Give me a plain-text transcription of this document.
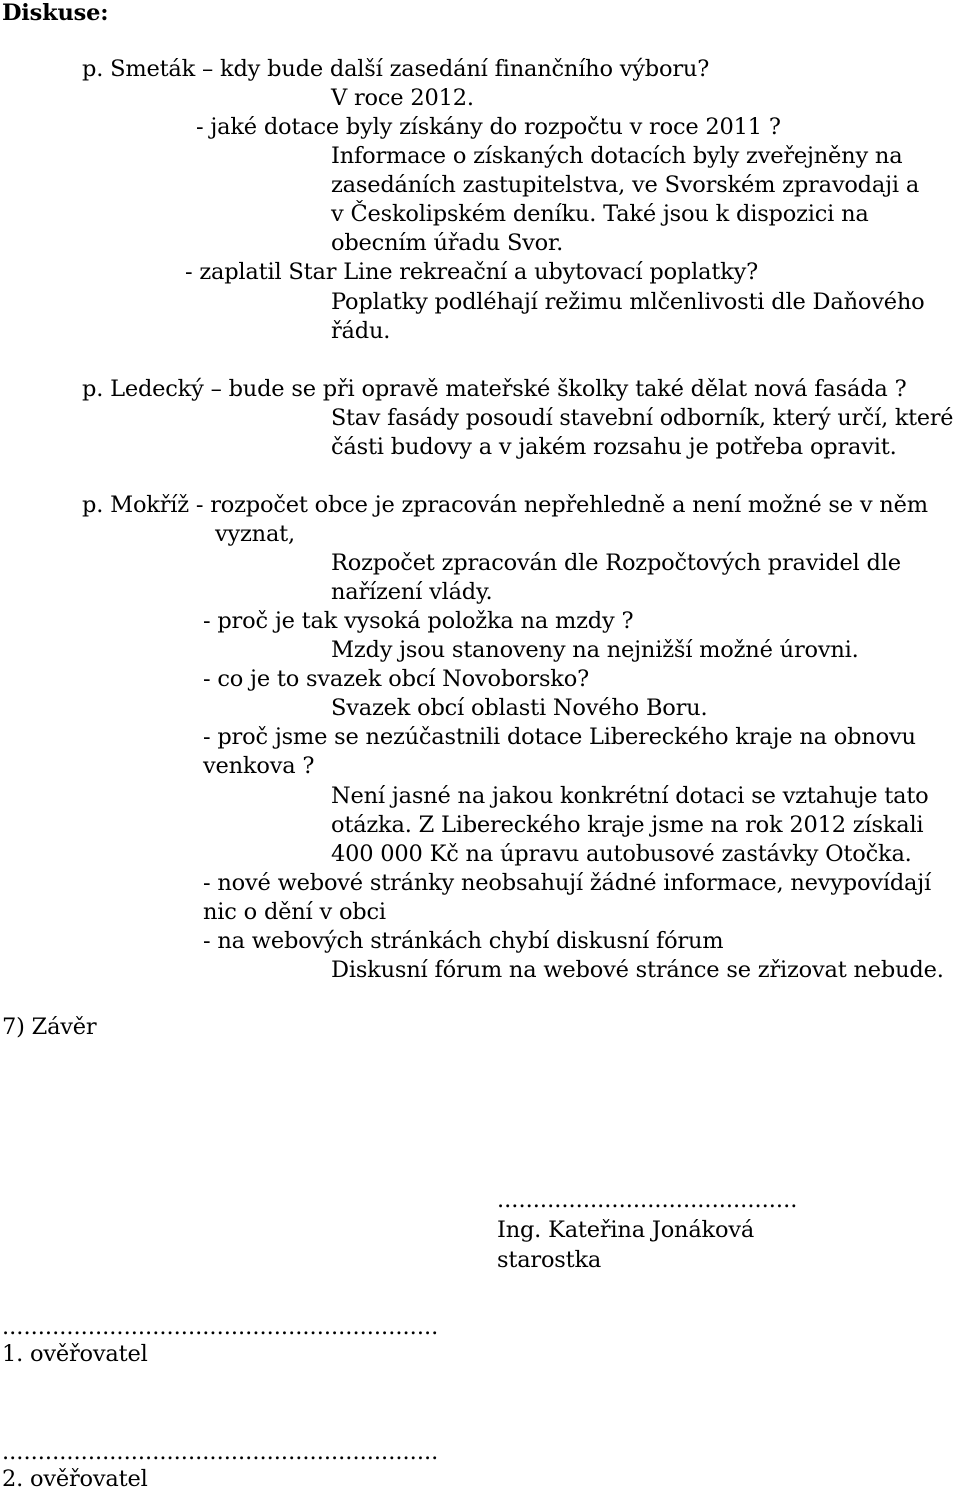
Diskuse:
p. Smeták – kdy bude další zasedání finančního výboru?
V roce 2012.
- jaké dotace byly získány do rozpočtu v roce 2011 ?
Informace o získaných dotacích byly zveřejněny na
zasedáních zastupitelstva, ve Svorském zpravodaji a
v Českolipském deníku. Také jsou k dispozici na
obecním úřadu Svor.
- zaplatil Star Line rekreační a ubytovací poplatky?
Poplatky podléhají režimu mlčenlivosti dle Daňového
řádu.
p. Ledecký – bude se při opravě mateřské školky také dělat nová fasáda ?
Stav fasády posoudí stavební odborník, který určí, které
části budovy a v jakém rozsahu je potřeba opravit.
p. Mokříž - rozpočet obce je zpracován nepřehledně a není možné se v něm
vyznat,
Rozpočet zpracován dle Rozpočtových pravidel dle
nařízení vlády.
- proč je tak vysoká položka na mzdy ?
Mzdy jsou stanoveny na nejnižší možné úrovni.
- co je to svazek obcí Novoborsko?
Svazek obcí oblasti Nového Boru.
- proč jsme se nezúčastnili dotace Libereckého kraje na obnovu
venkova ?
Není jasné na jakou konkrétní dotaci se vztahuje tato
otázka. Z Libereckého kraje jsme na rok 2012 získali
400 000 Kč na úpravu autobusové zastávky Otočka.
- nové webové stránky neobsahují žádné informace, nevypovídají
nic o dění v obci
- na webových stránkách chybí diskusní fórum
Diskusní fórum na webové stránce se zřizovat nebude.
7) Závěr
..........................................
Ing. Kateřina Jonáková
starostka
.............................................................
1. ověřovatel
.............................................................
2. ověřovatel
